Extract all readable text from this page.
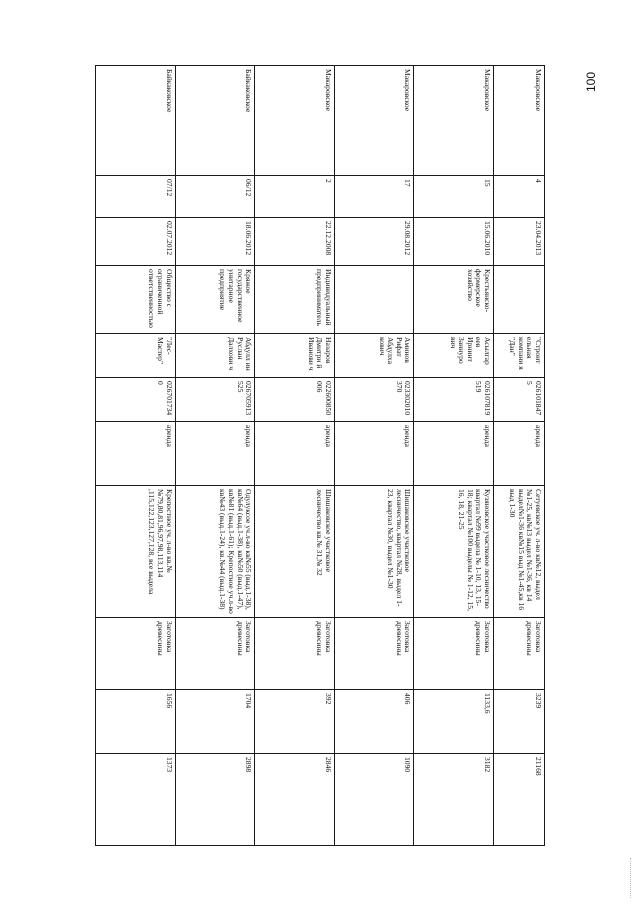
Макаровское	4	23.04.2013		"Строит ельная компани я "Дан"	026101847 5	аренда	Сетуевское уч. л-во кв№12, выдел №1-25, кв№13 выдел №1-36, кв 14 выдел№1-36 кв№15 выд №1-45,кв 16 выд 1-30	Заготовка древесины	3239	21168
Макаровское	15	15.06.2010	Крестьянско-фермерское хозяйство	Асылгар еев Ирнинт Заинуро вич	026107819 519	аренда	Кузяновское участковое лесничество квартал №99 выдела № 1-10, 13, 15-18; квартал №100 выделы № 1-12, 15, 16, 18, 21-25	Заготовка древесины	1133,6	3182
Макаровское	17	29.08.2012		Аминов Рифат Абдулха кович	023302010 370	аренда	Шишаковское участковое лесничество, квартал №28, выдел 1-23, квартал №30, выдел №1-30	Заготовка древесины	406	1090
Макаровское	2	22.12.2008	Индивидуальный предприниматель	Назаров Дмитри й Иванови ч	022600850 006	аренда	Шишаковское участковое лесничество кв.№ 31,№ 32	Заготовка древесины	392	2846
Байкаковское	06/12	18.06.2012	Кряжое государственное унитарное предприятие	Абдулл ин Руслан Далхови ч	026705913 525	аренда	Одулуксое уч.л-во кв№55 (выд.1-38), кв№64 (выд.1-38), кв№50 (выд.1-47), кв№81 (выд.1-61); Крепостное уч.л-во кв№43 (выд.1-24), кв.№44 (выд.1-38)	Заготовка древесины	1704	2898
Байкаковское	07/12	02.07.2012	Общество с ограниченной ответственностью	"Лес-Мастер"	026701734 0	аренда	Крепостное уч. л-во кв.№№79,80,81,96,97,98,113,114 ,115,122,123,127,128, все выдела	Заготовка древесины	1656	1373
100
